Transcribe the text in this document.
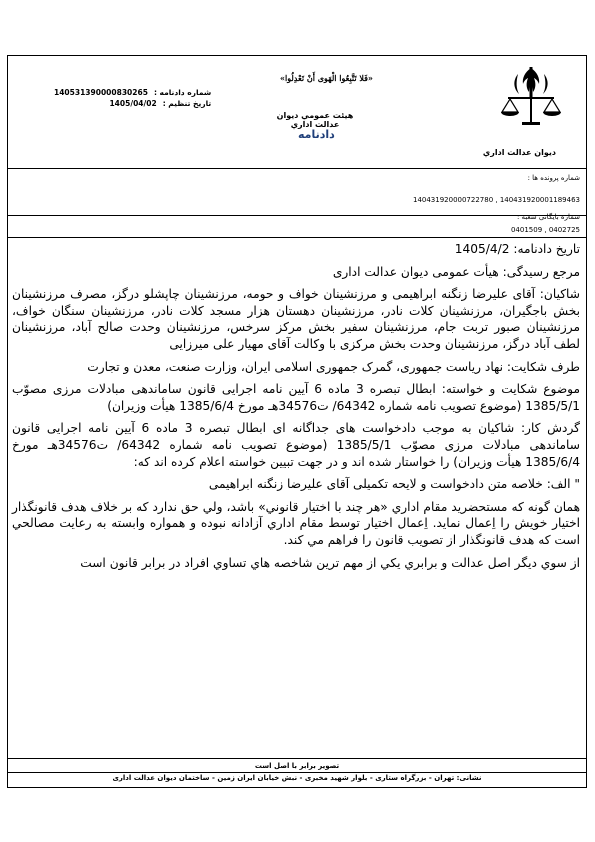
ديوان عدالت اداري
«فَلا تَتَّبِعُوا الْهَوى أَنْ تَعْدِلُوا»
هيئت عمومي ديوان عدالت اداري
دادنامه
شماره دادنامه :
140531390000830265
تاریخ تنظیم :
1405/04/02
شماره پرونده ها :
140431920000722780 , 140431920001189463
شماره بایگانی شعبه :
0401509 , 0402725

تاریخ دادنامه: 1405/4/2

مرجع رسیدگی: هیأت عمومی دیوان عدالت اداری

شاکیان: آقای علیرضا زنگنه ابراهیمی و مرزنشینان خواف و حومه، مرزنشینان چاپشلو درگز، مصرف مرزنشینان بخش باجگیران، مرزنشینان کلات نادر، مرزنشینان دهستان هزار مسجد کلات نادر، مرزنشینان سنگان خواف، مرزنشینان صبور تربت جام، مرزنشینان سفیر بخش مرکز سرخس، مرزنشینان وحدت صالح آباد، مرزنشینان لطف آباد درگز، مرزنشینان وحدت بخش مرکزی با وکالت آقای مهیار علی میرزایی

طرف شکایت: نهاد ریاست جمهوری، گمرک جمهوری اسلامی ایران، وزارت صنعت، معدن و تجارت

موضوع شکایت و خواسته: ابطال تبصره 3 ماده 6 آیین نامه اجرایی قانون ساماندهی مبادلات مرزی مصوّب 1385/5/1 (موضوع تصویب نامه شماره 64342/ ت34576هـ مورخ 1385/6/4 هیأت وزیران)

گردش کار: شاکیان به موجب دادخواست های جداگانه ای ابطال تبصره 3 ماده 6 آیین نامه اجرایی قانون ساماندهی مبادلات مرزی مصوّب 1385/5/1 (موضوع تصویب نامه شماره 64342/ ت34576هـ مورخ 1385/6/4 هیأت وزیران) را خواستار شده اند و در جهت تبیین خواسته اعلام کرده اند که:

" الف: خلاصه متن دادخواست و لایحه تکمیلی آقای علیرضا زنگنه ابراهیمی

همان گونه که مستحضريد مقام اداري «هر چند با اختيار قانوني» باشد، ولي حق ندارد که بر خلاف هدف قانونگذار اختيار خويش را اِعمال نمايد. اِعمال اختيار توسط مقام اداري آزادانه نبوده و همواره وابسته به رعايت مصالحي است كه هدف قانونگذار از تصويب قانون را فراهم مي كند.

از سوي ديگر اصل عدالت و برابري يكي از مهم ترين شاخصه هاي تساوي افراد در برابر قانون است

تصویر برابر با اصل است
نشانی: تهران - بزرگراه ستاری - بلوار شهید مخبری - نبش خیابان ایران زمین - ساختمان دیوان عدالت اداری
